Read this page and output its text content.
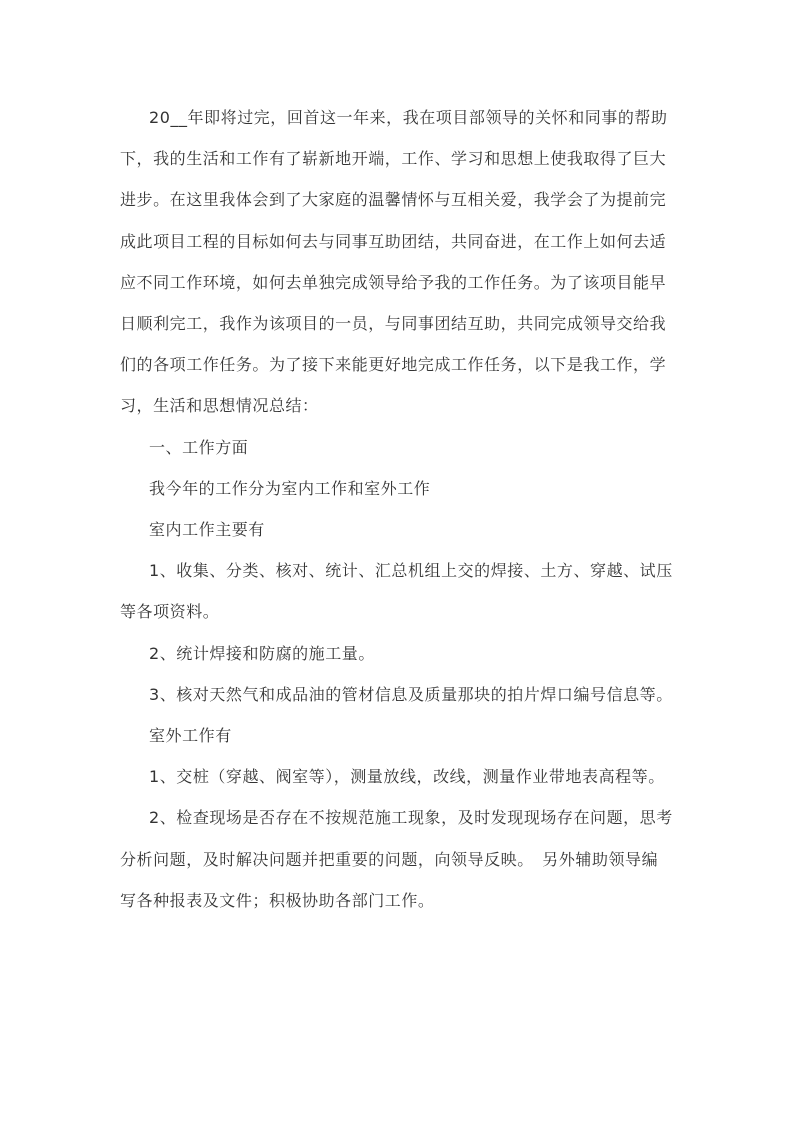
20__年即将过完，回首这一年来，我在项目部领导的关怀和同事的帮助下，我的生活和工作有了崭新地开端，工作、学习和思想上使我取得了巨大进步。在这里我体会到了大家庭的温馨情怀与互相关爱，我学会了为提前完成此项目工程的目标如何去与同事互助团结，共同奋进，在工作上如何去适应不同工作环境，如何去单独完成领导给予我的工作任务。为了该项目能早日顺利完工，我作为该项目的一员，与同事团结互助，共同完成领导交给我们的各项工作任务。为了接下来能更好地完成工作任务，以下是我工作，学习，生活和思想情况总结：

一、工作方面

我今年的工作分为室内工作和室外工作

室内工作主要有

1、收集、分类、核对、统计、汇总机组上交的焊接、土方、穿越、试压等各项资料。

2、统计焊接和防腐的施工量。

3、核对天然气和成品油的管材信息及质量那块的拍片焊口编号信息等。

室外工作有

1、交桩（穿越、阀室等），测量放线，改线，测量作业带地表高程等。

2、检查现场是否存在不按规范施工现象，及时发现现场存在问题，思考分析问题，及时解决问题并把重要的问题，向领导反映。　另外辅助领导编写各种报表及文件；积极协助各部门工作。
